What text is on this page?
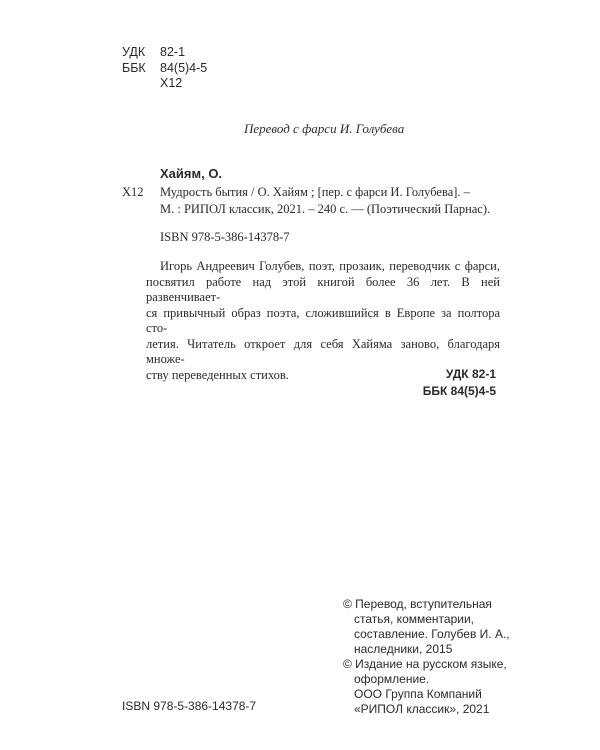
УДК 82-1
ББК 84(5)4-5
Х12
Перевод с фарси И. Голубева
Хайям, О.
Х12 Мудрость бытия / О. Хайям ; [пер. с фарси И. Голубева]. –
М. : РИПОЛ классик, 2021. – 240 с. — (Поэтический Парнас).
ISBN 978-5-386-14378-7
Игорь Андреевич Голубев, поэт, прозаик, переводчик с фарси,
посвятил работе над этой книгой более 36 лет. В ней развенчивает-
ся привычный образ поэта, сложившийся в Европе за полтора сто-
летия. Читатель откроет для себя Хайяма заново, благодаря множе-
ству переведенных стихов.	УДК 82-1
ББК 84(5)4-5
© Перевод, вступительная
статья, комментарии,
составление. Голубев И. А.,
наследники, 2015
© Издание на русском языке,
оформление.
ООО Группа Компаний
«РИПОЛ классик», 2021
ISBN 978-5-386-14378-7
